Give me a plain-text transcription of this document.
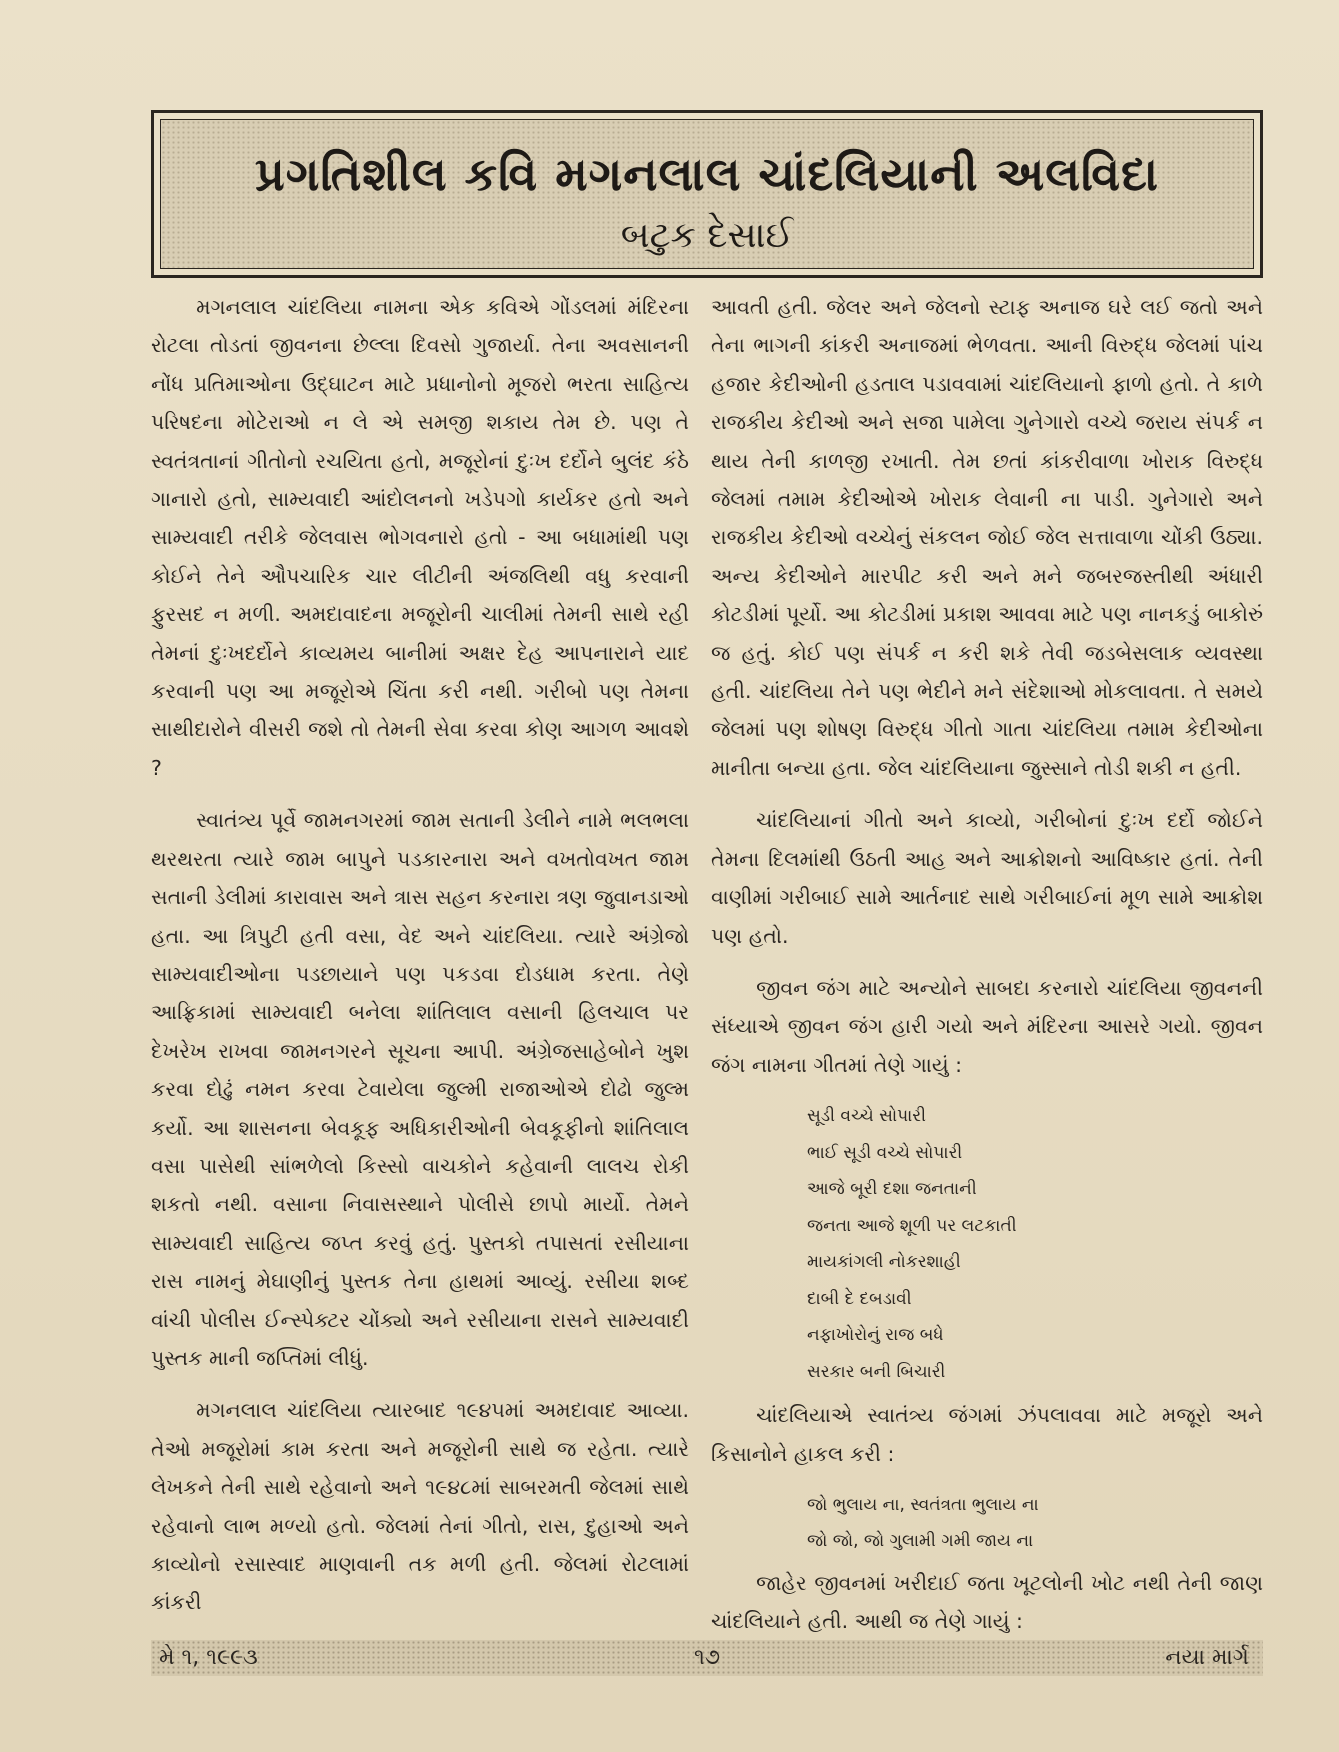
પ્રગતિશીલ કવિ મગનલાલ ચાંદલિયાની અલવિદા
બટુક દેસાઈ

મગનલાલ ચાંદલિયા નામના એક કવિએ ગોંડલમાં મંદિરના રોટલા તોડતાં જીવનના છેલ્લા દિવસો ગુજાર્યા. તેના અવસાનની નોંધ પ્રતિમાઓના ઉદ્‌ઘાટન માટે પ્રધાનોનો મૂજરો ભરતા સાહિત્ય પરિષદના મોટેરાઓ ન લે એ સમજી શકાય તેમ છે. પણ તે સ્વતંત્રતાનાં ગીતોનો રચયિતા હતો, મજૂરોનાં દુઃખ દર્દોને બુલંદ કંઠે ગાનારો હતો, સામ્યવાદી આંદોલનનો ખડેપગો કાર્યકર હતો અને સામ્યવાદી તરીકે જેલવાસ ભોગવનારો હતો - આ બધામાંથી પણ કોઈને તેને ઔપચારિક ચાર લીટીની અંજલિથી વધુ કરવાની ફુરસદ ન મળી. અમદાવાદના મજૂરોની ચાલીમાં તેમની સાથે રહી તેમનાં દુઃખદર્દોને કાવ્યમય બાનીમાં અક્ષર દેહ આપનારાને યાદ કરવાની પણ આ મજૂરોએ ચિંતા કરી નથી. ગરીબો પણ તેમના સાથીદારોને વીસરી જશે તો તેમની સેવા કરવા કોણ આગળ આવશે ?

સ્વાતંત્ર્ય પૂર્વે જામનગરમાં જામ સતાની ડેલીને નામે ભલભલા થરથરતા ત્યારે જામ બાપુને પડકારનારા અને વખતોવખત જામ સતાની ડેલીમાં કારાવાસ અને ત્રાસ સહન કરનારા ત્રણ જુવાનડાઓ હતા. આ ત્રિપુટી હતી વસા, વેદ અને ચાંદલિયા. ત્યારે અંગ્રેજો સામ્યવાદીઓના પડછાયાને પણ પકડવા દોડધામ કરતા. તેણે આફ્રિકામાં સામ્યવાદી બનેલા શાંતિલાલ વસાની હિલચાલ પર દેખરેખ રાખવા જામનગરને સૂચના આપી. અંગ્રેજસાહેબોને ખુશ કરવા દોઢું નમન કરવા ટેવાયેલા જુલ્મી રાજાઓએ દોઢો જુલ્મ કર્યો. આ શાસનના બેવકૂફ અધિકારીઓની બેવકૂફીનો શાંતિલાલ વસા પાસેથી સાંભળેલો કિસ્સો વાચકોને કહેવાની લાલચ રોકી શકતો નથી. વસાના નિવાસસ્થાને પોલીસે છાપો માર્યો. તેમને સામ્યવાદી સાહિત્ય જપ્ત કરવું હતું. પુસ્તકો તપાસતાં રસીયાના રાસ નામનું મેઘાણીનું પુસ્તક તેના હાથમાં આવ્યું. રસીયા શબ્દ વાંચી પોલીસ ઈન્સ્પેક્ટર ચોંક્યો અને રસીયાના રાસને સામ્યવાદી પુસ્તક માની જપ્તિમાં લીધું.

મગનલાલ ચાંદલિયા ત્યારબાદ ૧૯૪૫માં અમદાવાદ આવ્યા. તેઓ મજૂરોમાં કામ કરતા અને મજૂરોની સાથે જ રહેતા. ત્યારે લેખકને તેની સાથે રહેવાનો અને ૧૯૪૮માં સાબરમતી જેલમાં સાથે રહેવાનો લાભ મળ્યો હતો. જેલમાં તેનાં ગીતો, રાસ, દુહાઓ અને કાવ્યોનો રસાસ્વાદ માણવાની તક મળી હતી. જેલમાં રોટલામાં કાંકરી

આવતી હતી. જેલર અને જેલનો સ્ટાફ અનાજ ઘરે લઈ જતો અને તેના ભાગની કાંકરી અનાજમાં ભેળવતા. આની વિરુદ્ધ જેલમાં પાંચ હજાર કેદીઓની હડતાલ પડાવવામાં ચાંદલિયાનો ફાળો હતો. તે કાળે રાજકીય કેદીઓ અને સજા પામેલા ગુનેગારો વચ્ચે જરાય સંપર્ક ન થાય તેની કાળજી રખાતી. તેમ છતાં કાંકરીવાળા ખોરાક વિરુદ્ધ જેલમાં તમામ કેદીઓએ ખોરાક લેવાની ના પાડી. ગુનેગારો અને રાજકીય કેદીઓ વચ્ચેનું સંકલન જોઈ જેલ સત્તાવાળા ચોંકી ઉઠ્યા. અન્ય કેદીઓને મારપીટ કરી અને મને જબરજસ્તીથી અંધારી કોટડીમાં પૂર્યો. આ કોટડીમાં પ્રકાશ આવવા માટે પણ નાનકડું બાકોરું જ હતું. કોઈ પણ સંપર્ક ન કરી શકે તેવી જડબેસલાક વ્યવસ્થા હતી. ચાંદલિયા તેને પણ ભેદીને મને સંદેશાઓ મોકલાવતા. તે સમયે જેલમાં પણ શોષણ વિરુદ્ધ ગીતો ગાતા ચાંદલિયા તમામ કેદીઓના માનીતા બન્યા હતા. જેલ ચાંદલિયાના જુસ્સાને તોડી શકી ન હતી.

ચાંદલિયાનાં ગીતો અને કાવ્યો, ગરીબોનાં દુઃખ દર્દો જોઈને તેમના દિલમાંથી ઉઠતી આહ અને આક્રોશનો આવિષ્કાર હતાં. તેની વાણીમાં ગરીબાઈ સામે આર્તનાદ સાથે ગરીબાઈનાં મૂળ સામે આક્રોશ પણ હતો.

જીવન જંગ માટે અન્યોને સાબદા કરનારો ચાંદલિયા જીવનની સંધ્યાએ જીવન જંગ હારી ગયો અને મંદિરના આસરે ગયો. જીવન જંગ નામના ગીતમાં તેણે ગાયું :

સૂડી વચ્ચે સોપારી
ભાઈ સૂડી વચ્ચે સોપારી
આજે બૂરી દશા જનતાની
જનતા આજે શૂળી પર લટકાતી
માયકાંગલી નોકરશાહી
દાબી દે દબડાવી
નફાખોરોનું રાજ બધે
સરકાર બની બિચારી

ચાંદલિયાએ સ્વાતંત્ર્ય જંગમાં ઝંપલાવવા માટે મજૂરો અને કિસાનોને હાકલ કરી :

જો ભુલાય ના, સ્વતંત્રતા ભુલાય ના
જો જો, જો ગુલામી ગમી જાય ના

જાહેર જીવનમાં ખરીદાઈ જતા ખૂટલોની ખોટ નથી તેની જાણ ચાંદલિયાને હતી. આથી જ તેણે ગાયું :

મે ૧, ૧૯૯૩	૧૭	નયા માર્ગ
